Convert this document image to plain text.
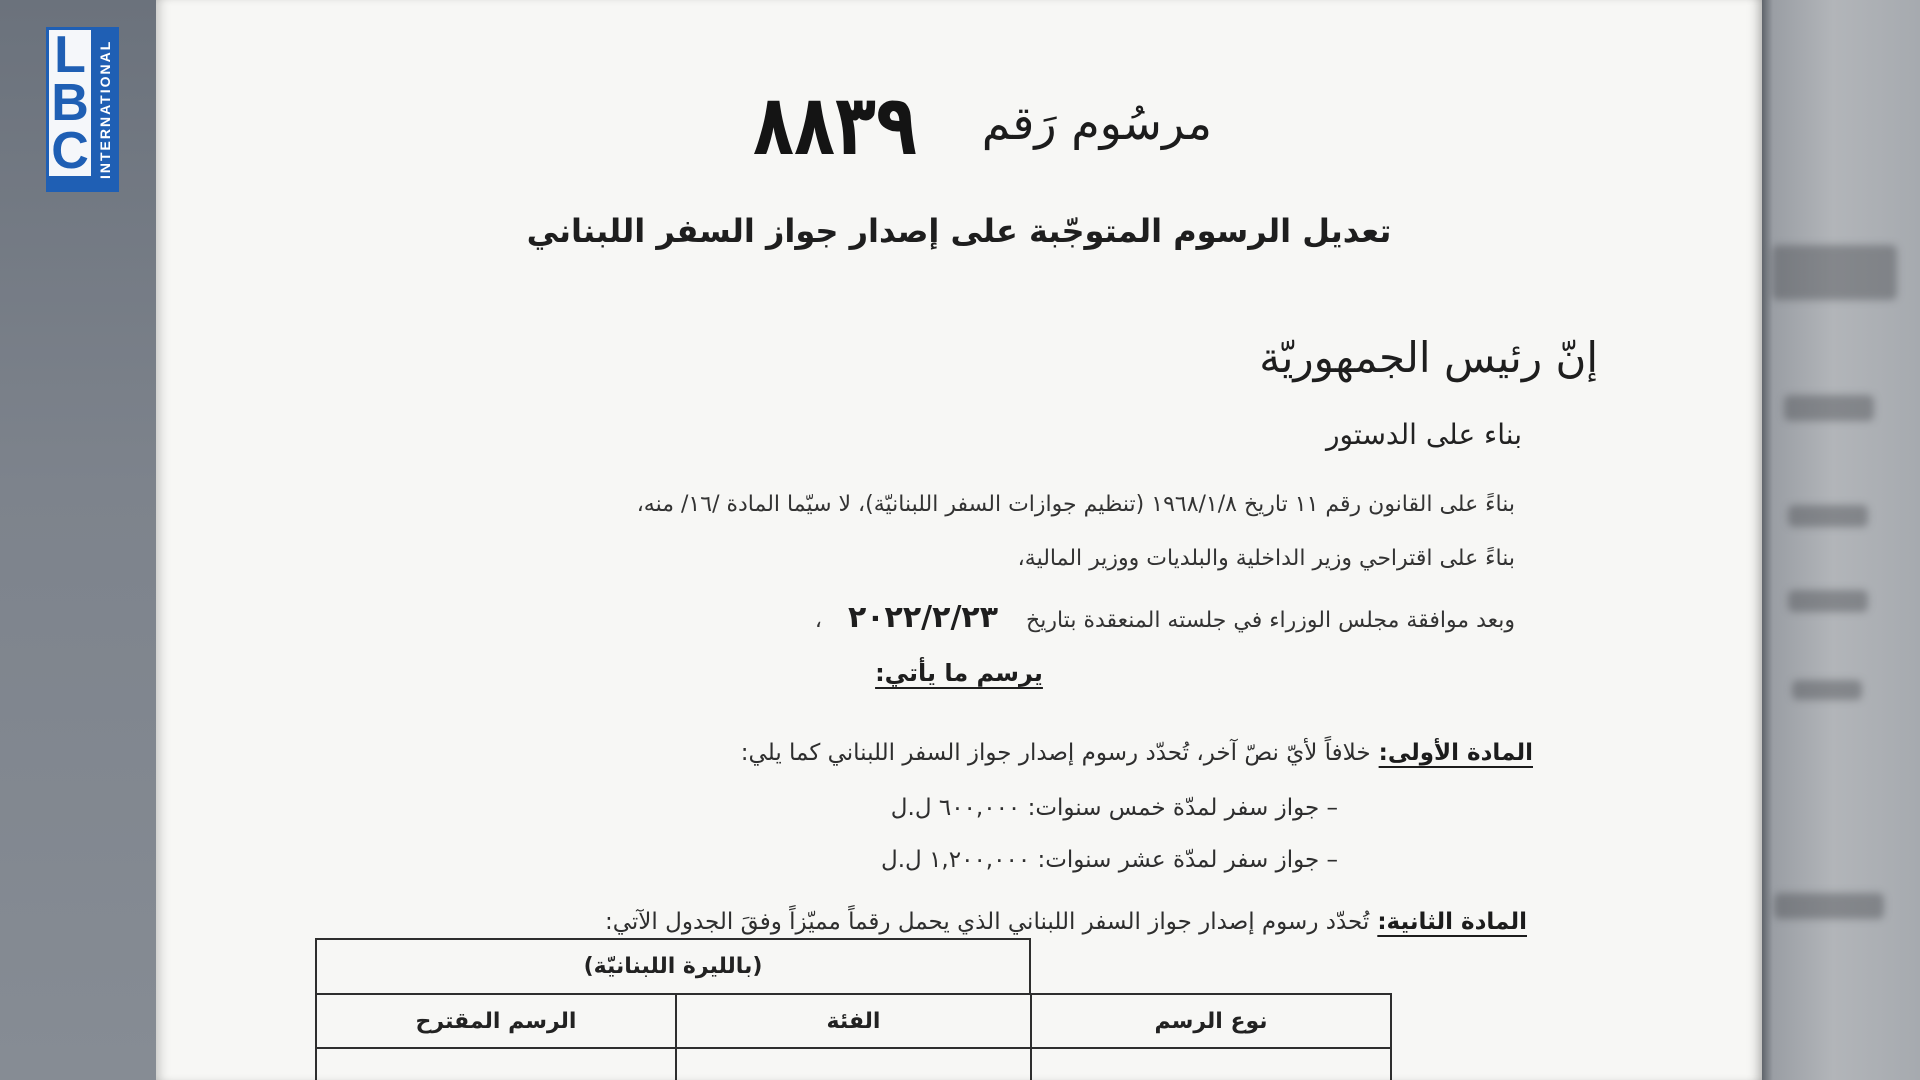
L
B
C INTERNATIONAL	مرسُوم رَقم
٨٨٣٩
تعديل الرسوم المتوجّبة على إصدار جواز السفر اللبناني
إنّ رئيس الجمهوريّة
بناء على الدستور
بناءً على القانون رقم ١١ تاريخ ١٩٦٨/١/٨ (تنظيم جوازات السفر اللبنانيّة)، لا سيّما المادة /١٦/ منه،
بناءً على اقتراحي وزير الداخلية والبلديات ووزير المالية،
وبعد موافقة مجلس الوزراء في جلسته المنعقدة بتاريخ٢٠٢٢/٢/٢٣،
يرسم ما يأتي:
المادة الأولى:خلافاً لأيّ نصّ آخر، تُحدّد رسوم إصدار جواز السفر اللبناني كما يلي:
– جواز سفر لمدّة خمس سنوات: ٦٠٠,٠٠٠ ل.ل
– جواز سفر لمدّة عشر سنوات: ١,٢٠٠,٠٠٠ ل.ل
المادة الثانية:تُحدّد رسوم إصدار جواز السفر اللبناني الذي يحمل رقماً مميّزاً وفقَ الجدول الآتي:
(بالليرة اللبنانيّة)
الرسم المقترح	الفئة	نوع الرسم
